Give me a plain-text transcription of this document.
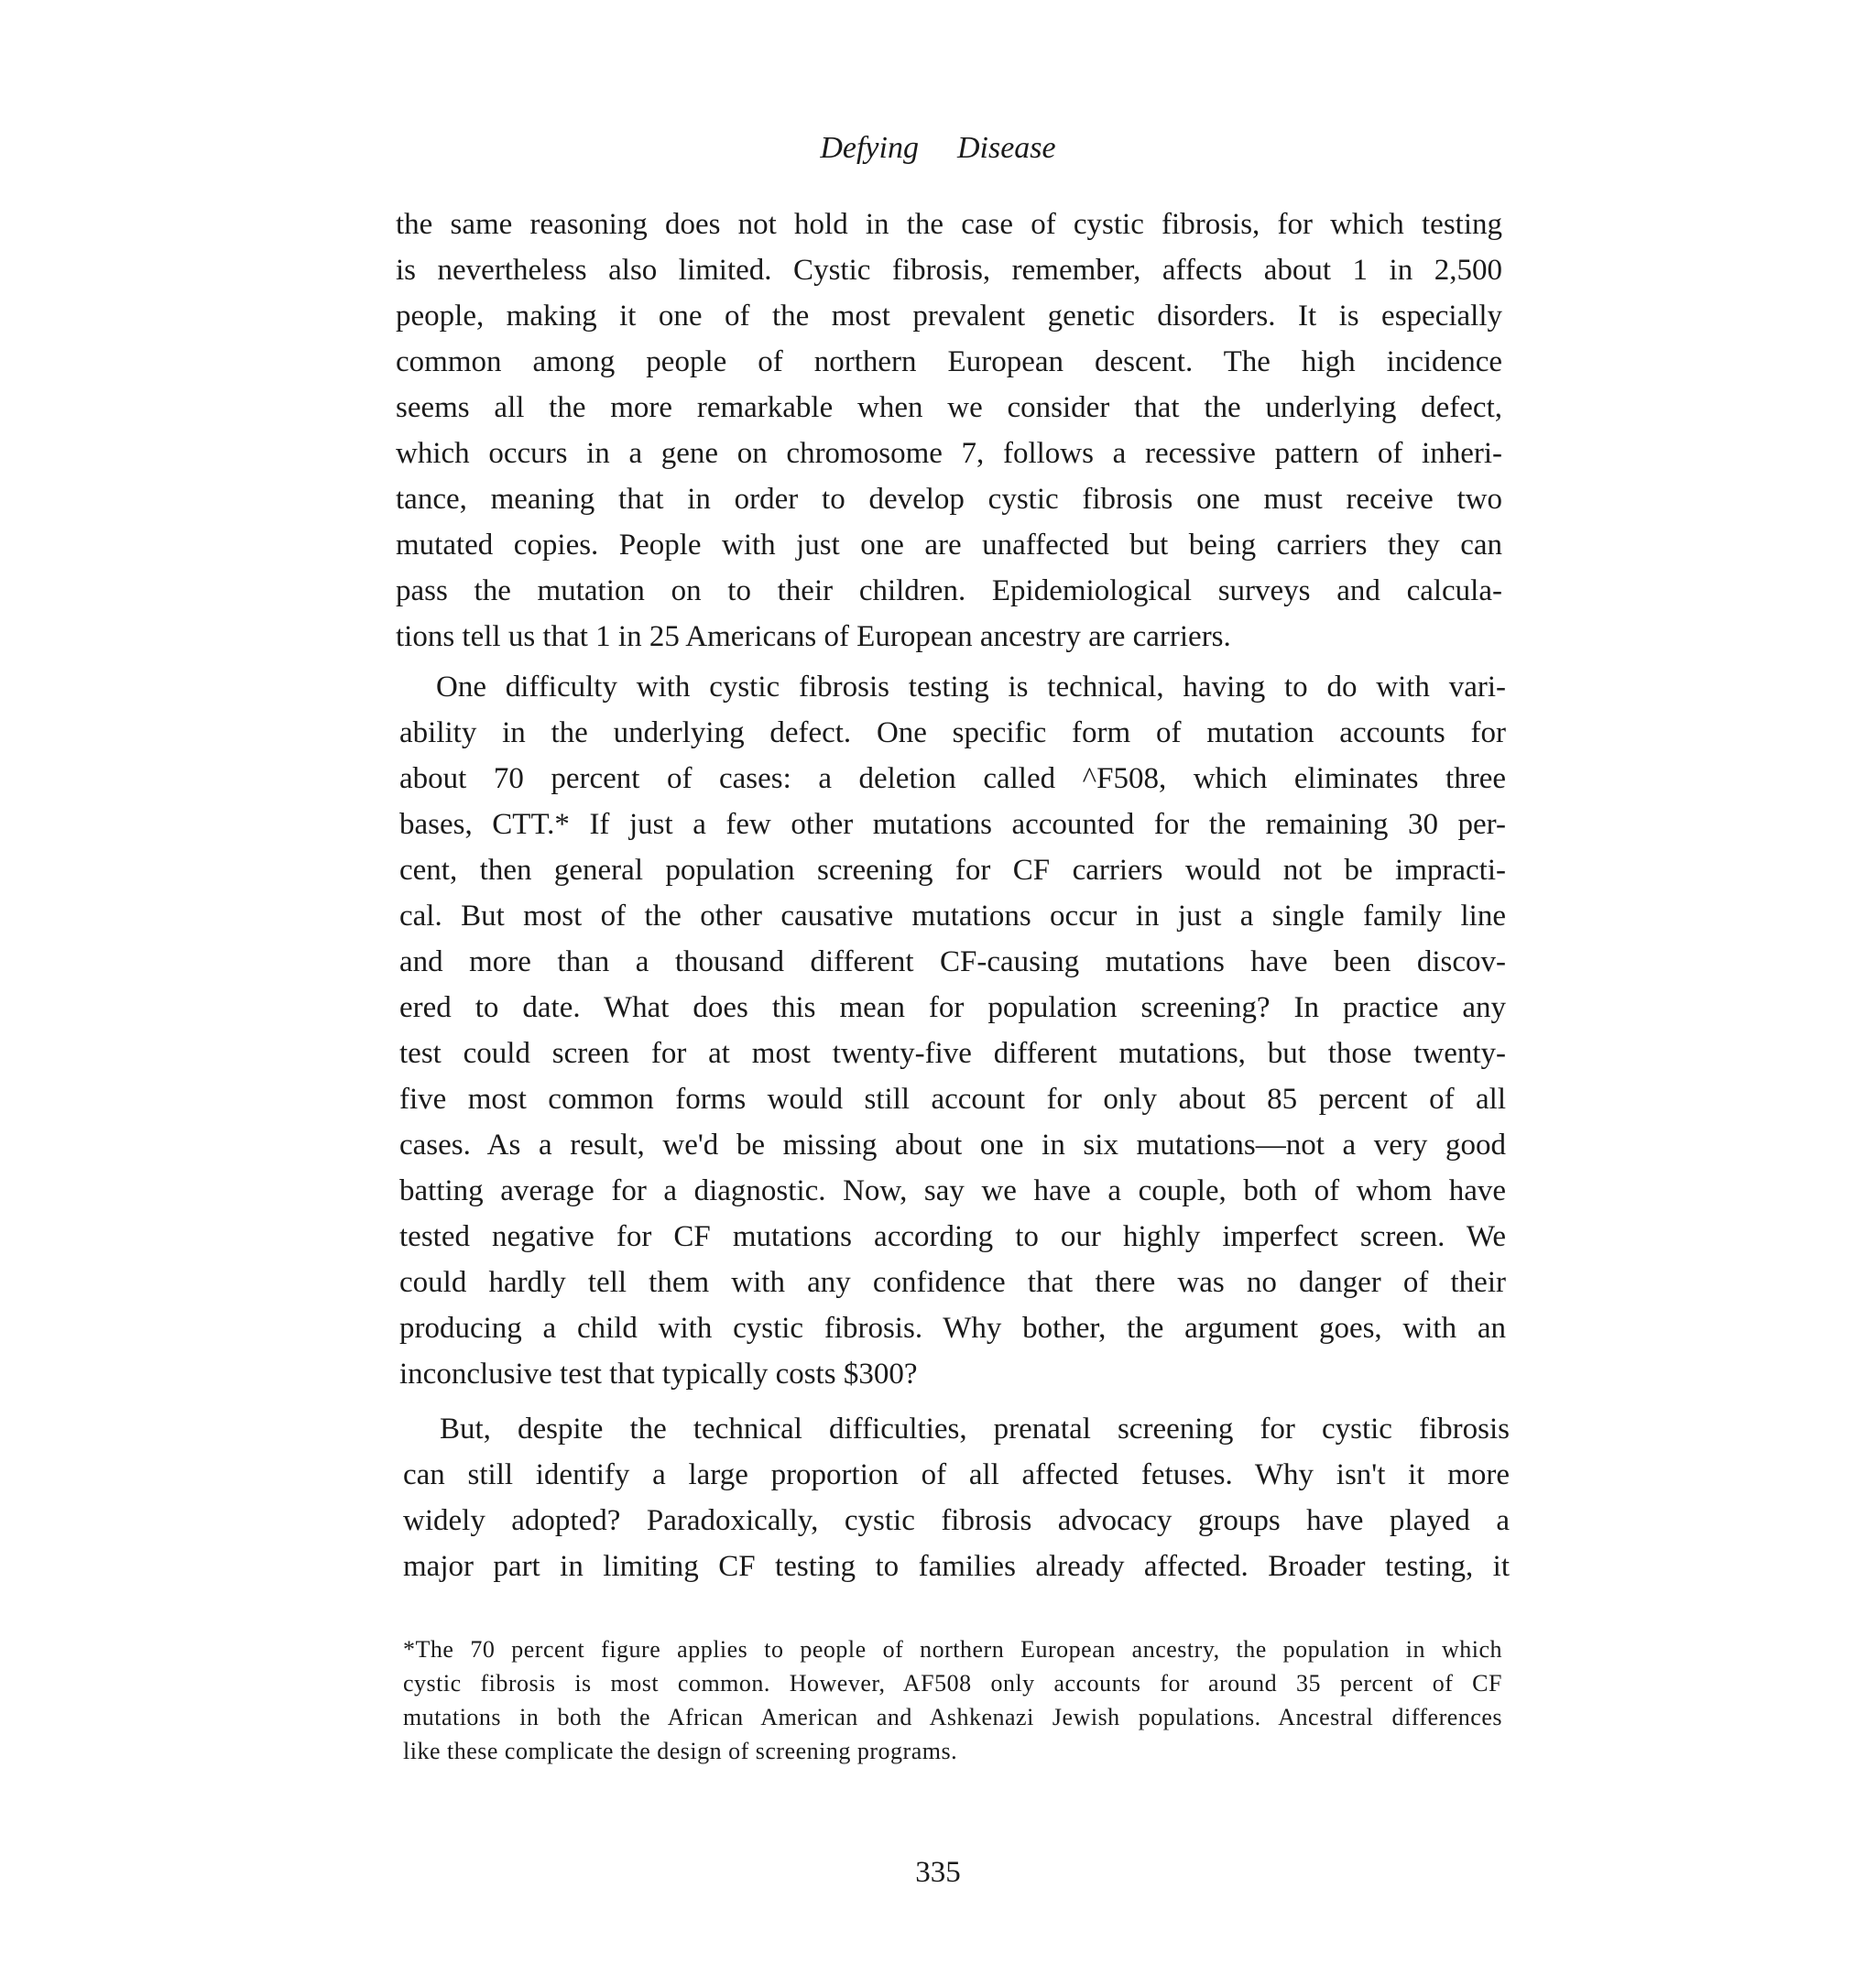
Defying Disease
the same reasoning does not hold in the case of cystic fibrosis, for which testing
is nevertheless also limited. Cystic fibrosis, remember, affects about 1 in 2,500
people, making it one of the most prevalent genetic disorders. It is especially
common among people of northern European descent. The high incidence
seems all the more remarkable when we consider that the underlying defect,
which occurs in a gene on chromosome 7, follows a recessive pattern of inheri-
tance, meaning that in order to develop cystic fibrosis one must receive two
mutated copies. People with just one are unaffected but being carriers they can
pass the mutation on to their children. Epidemiological surveys and calcula-
tions tell us that 1 in 25 Americans of European ancestry are carriers.
One difficulty with cystic fibrosis testing is technical, having to do with vari-
ability in the underlying defect. One specific form of mutation accounts for
about 70 percent of cases: a deletion called ^F508, which eliminates three
bases, CTT.* If just a few other mutations accounted for the remaining 30 per-
cent, then general population screening for CF carriers would not be impracti-
cal. But most of the other causative mutations occur in just a single family line
and more than a thousand different CF-causing mutations have been discov-
ered to date. What does this mean for population screening? In practice any
test could screen for at most twenty-five different mutations, but those twenty-
five most common forms would still account for only about 85 percent of all
cases. As a result, we'd be missing about one in six mutations—not a very good
batting average for a diagnostic. Now, say we have a couple, both of whom have
tested negative for CF mutations according to our highly imperfect screen. We
could hardly tell them with any confidence that there was no danger of their
producing a child with cystic fibrosis. Why bother, the argument goes, with an
inconclusive test that typically costs $300?
But, despite the technical difficulties, prenatal screening for cystic fibrosis
can still identify a large proportion of all affected fetuses. Why isn't it more
widely adopted? Paradoxically, cystic fibrosis advocacy groups have played a
major part in limiting CF testing to families already affected. Broader testing, it
*The 70 percent figure applies to people of northern European ancestry, the population in which
cystic fibrosis is most common. However, AF508 only accounts for around 35 percent of CF
mutations in both the African American and Ashkenazi Jewish populations. Ancestral differences
like these complicate the design of screening programs.
335
